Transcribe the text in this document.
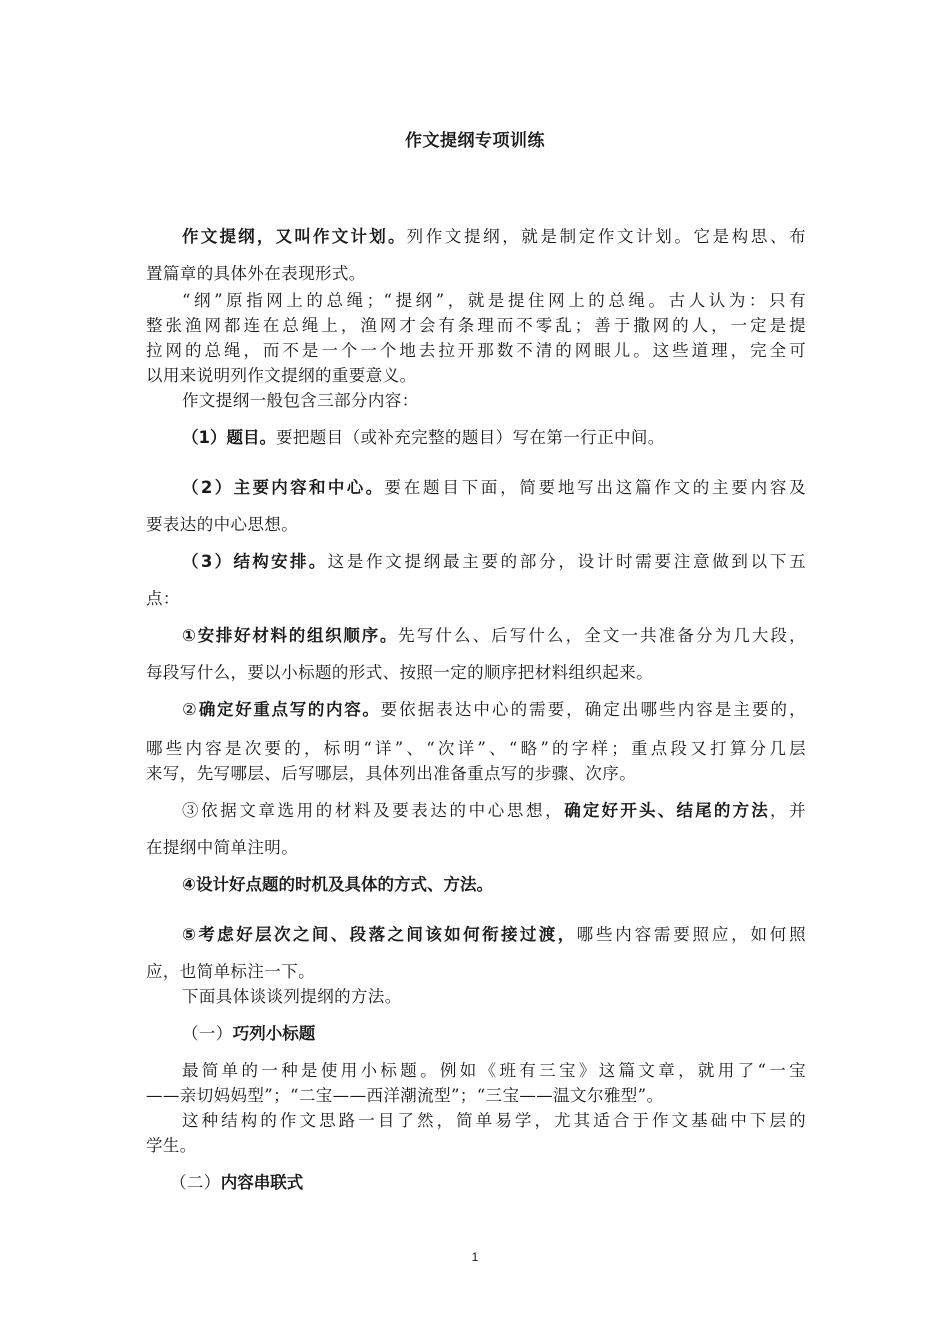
作文提纲专项训练
作文提纲，又叫作文计划。列作文提纲，就是制定作文计划。它是构思、布
置篇章的具体外在表现形式。
“纲”原指网上的总绳；“提纲”，就是提住网上的总绳。古人认为：只有
整张渔网都连在总绳上，渔网才会有条理而不零乱；善于撒网的人，一定是提
拉网的总绳，而不是一个一个地去拉开那数不清的网眼儿。这些道理，完全可
以用来说明列作文提纲的重要意义。
作文提纲一般包含三部分内容：
（1）题目。要把题目（或补充完整的题目）写在第一行正中间。
（2）主要内容和中心。要在题目下面，简要地写出这篇作文的主要内容及
要表达的中心思想。
（3）结构安排。这是作文提纲最主要的部分，设计时需要注意做到以下五
点：
①安排好材料的组织顺序。先写什么、后写什么，全文一共准备分为几大段，
每段写什么，要以小标题的形式、按照一定的顺序把材料组织起来。
②确定好重点写的内容。要依据表达中心的需要，确定出哪些内容是主要的，
哪些内容是次要的，标明“详”、“次详”、“略”的字样；重点段又打算分几层
来写，先写哪层、后写哪层，具体列出准备重点写的步骤、次序。
③依据文章选用的材料及要表达的中心思想，确定好开头、结尾的方法，并
在提纲中简单注明。
④设计好点题的时机及具体的方式、方法。
⑤考虑好层次之间、段落之间该如何衔接过渡，哪些内容需要照应，如何照
应，也简单标注一下。
下面具体谈谈列提纲的方法。
（一）巧列小标题
最简单的一种是使用小标题。例如《班有三宝》这篇文章，就用了“一宝
——亲切妈妈型”；“二宝——西洋潮流型”；“三宝——温文尔雅型”。
这种结构的作文思路一目了然，简单易学，尤其适合于作文基础中下层的
学生。
（二）内容串联式
1
